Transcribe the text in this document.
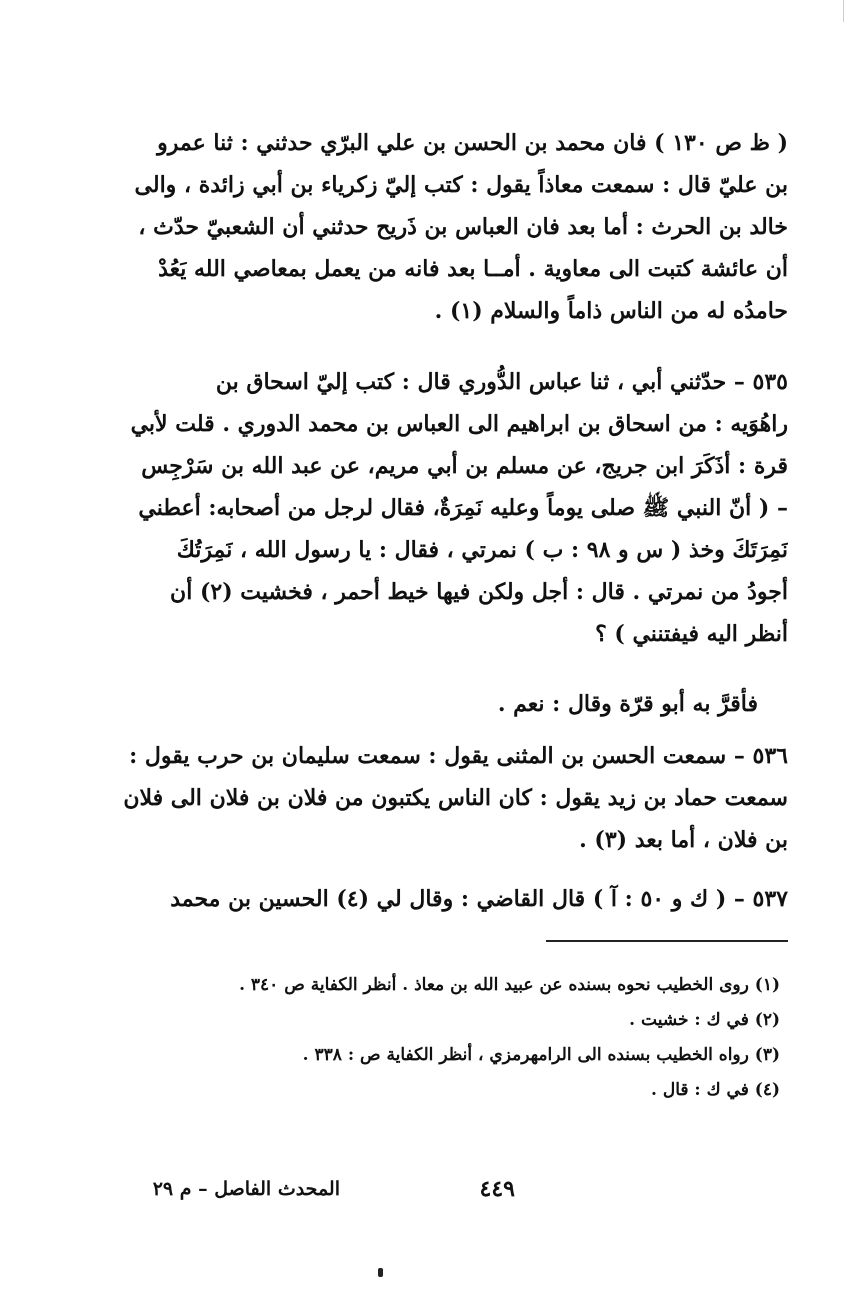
( ظ ص ١٣٠ ) فان محمد بن الحسن بن علي البرّي حدثني : ثنا عمرو
بن عليّ قال : سمعت معاذاً يقول : كتب إليّ زكرياء بن أبي زائدة ، والى
خالد بن الحرث : أما بعد فان العباس بن ذَريح حدثني أن الشعبيّ حدّث ،
أن عائشة كتبت الى معاوية . أمــا بعد فانه من يعمل بمعاصي الله يَعُدْ
حامدُه له من الناس ذاماً والسلام (١) .
٥٣٥ – حدّثني أبي ، ثنا عباس الدُّوري قال : كتب إليّ اسحاق بن
راهُوَيه : من اسحاق بن ابراهيم الى العباس بن محمد الدوري . قلت لأبي
قرة : أذَكَرَ ابن جريج، عن مسلم بن أبي مريم، عن عبد الله بن سَرْجِس
– ( أنّ النبي ﷺ صلى يوماً وعليه نَمِرَةٌ، فقال لرجل من أصحابه: أعطني
نَمِرَتَكَ وخذ ( س و ٩٨ : ب ) نمرتي ، فقال : يا رسول الله ، نَمِرَتُكَ
أجودُ من نمرتي . قال : أجل ولكن فيها خيط أحمر ، فخشيت (٢) أن
أنظر اليه فيفتنني ) ؟
فأقرَّ به أبو قرّة وقال : نعم .
٥٣٦ – سمعت الحسن بن المثنى يقول : سمعت سليمان بن حرب يقول :
سمعت حماد بن زيد يقول : كان الناس يكتبون من فلان بن فلان الى فلان
بن فلان ، أما بعد (٣) .
٥٣٧ – ( ك و ٥٠ : آ ) قال القاضي : وقال لي (٤) الحسين بن محمد
(١) روى الخطيب نحوه بسنده عن عبيد الله بن معاذ . أنظر الكفاية ص ٣٤٠ .
(٢) في ك : خشيت .
(٣) رواه الخطيب بسنده الى الرامهرمزي ، أنظر الكفاية ص : ٣٣٨ .
(٤) في ك : قال .
٤٤٩
المحدث الفاصل – م ٢٩
